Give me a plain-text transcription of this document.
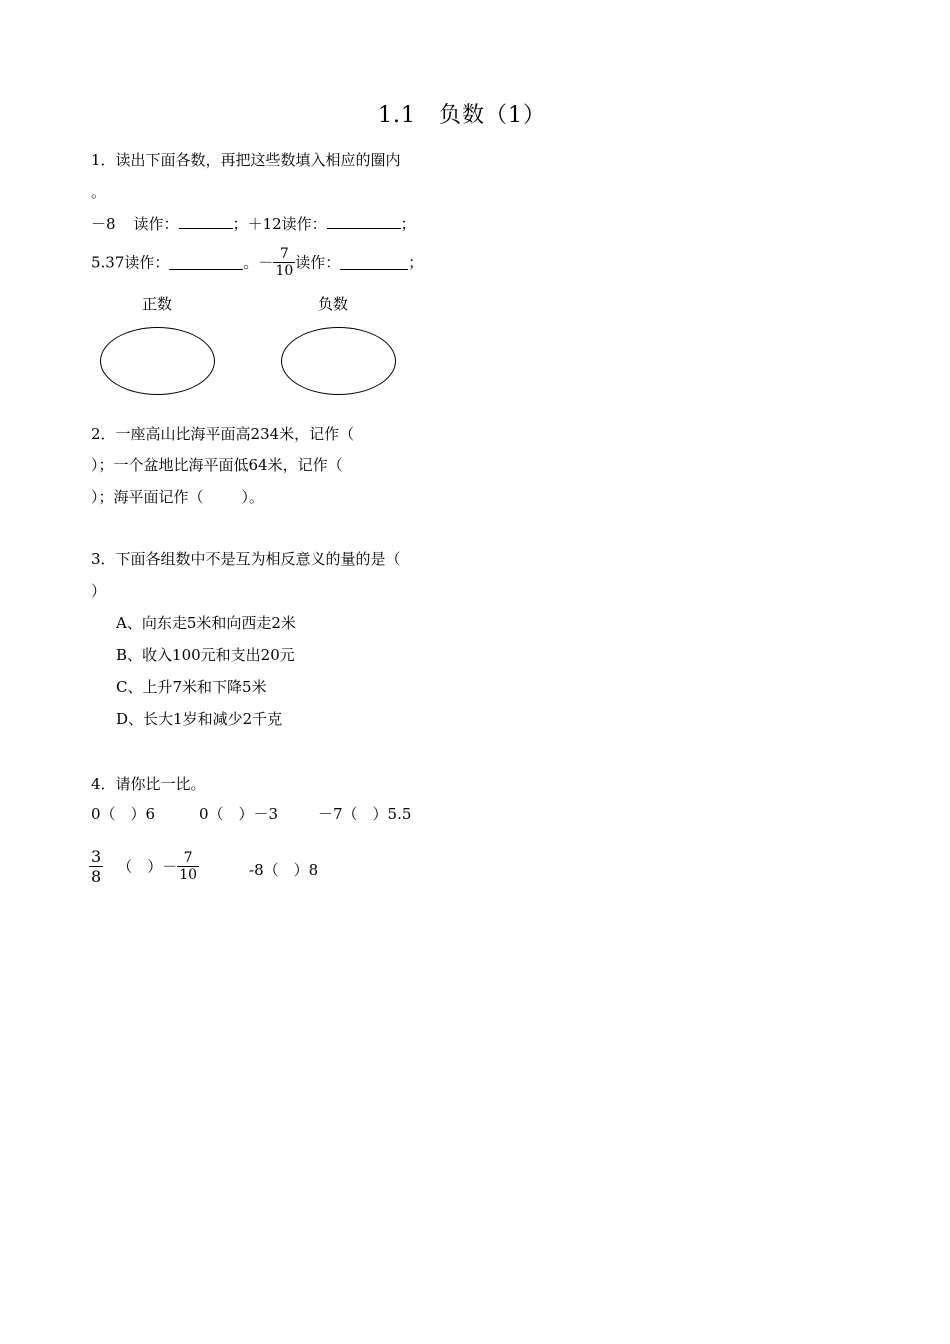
1.1　负数（1）
1．读出下面各数，再把这些数填入相应的圈内
。
－8 读作：	；＋12读作：	；
5.37读作：	。－ $\frac{7}{10}$ 读作：	；
正数	负数
2．一座高山比海平面高234米，记作（
）；一个盆地比海平面低64米，记作（
）；海平面记作（	）。
3．下面各组数中不是互为相反意义的量的是（
）
A、向东走5米和向西走2米
B、收入100元和支出20元
C、上升7米和下降5米
D、长大1岁和减少2千克
4．请你比一比。
0（　）6	0（　）－3	－7（　）5.5
$\frac{3}{8}$ （　）－ $\frac{7}{10}$	-8（　）8
